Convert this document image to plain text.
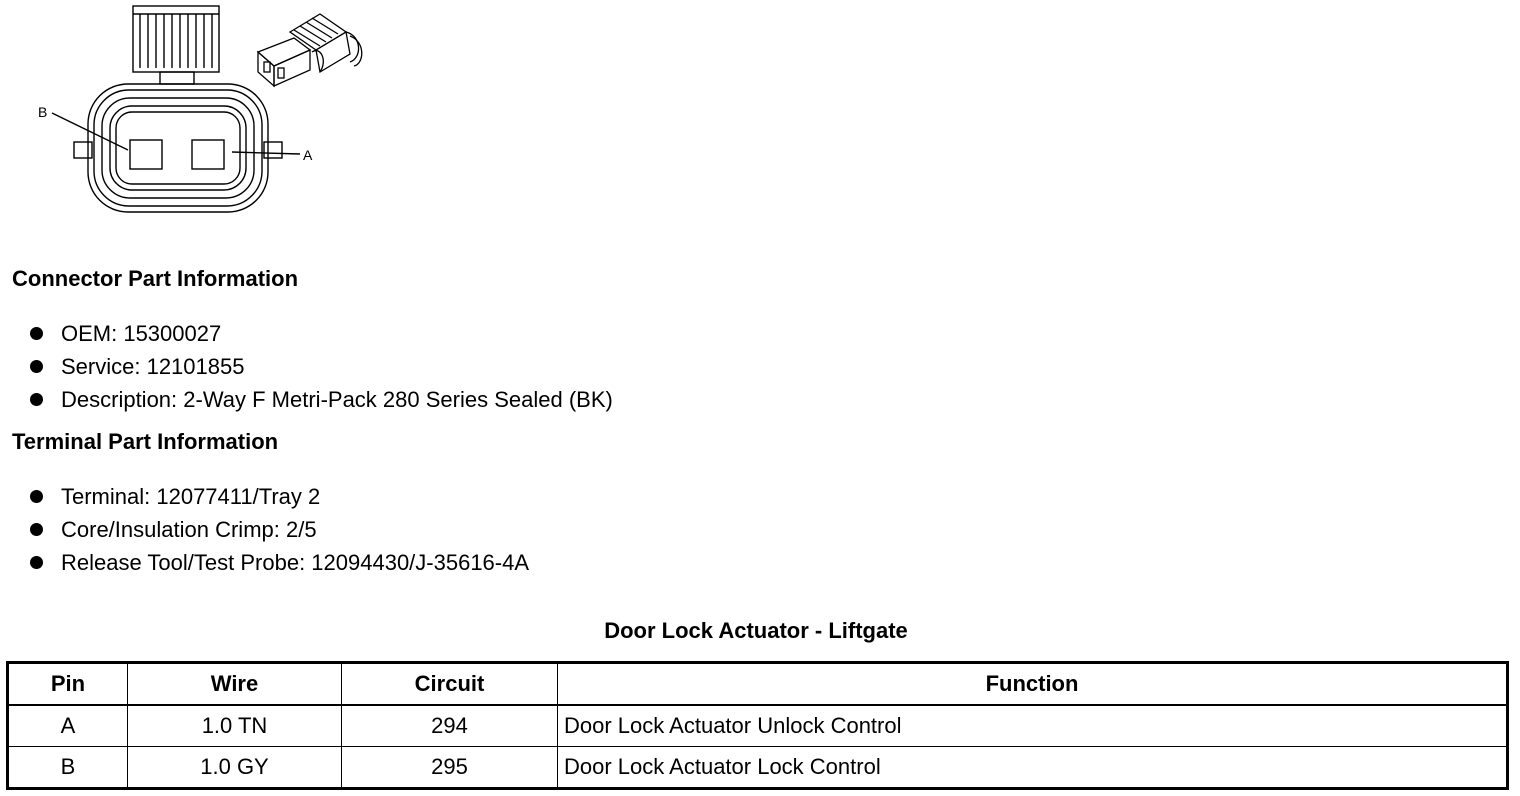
B
A
Connector Part Information
OEM: 15300027
Service: 12101855
Description: 2-Way F Metri-Pack 280 Series Sealed (BK)
Terminal Part Information
Terminal: 12077411/Tray 2
Core/Insulation Crimp: 2/5
Release Tool/Test Probe: 12094430/J-35616-4A
Door Lock Actuator - Liftgate
Pin	Wire	Circuit	Function
A	1.0 TN	294	Door Lock Actuator Unlock Control
B	1.0 GY	295	Door Lock Actuator Lock Control
